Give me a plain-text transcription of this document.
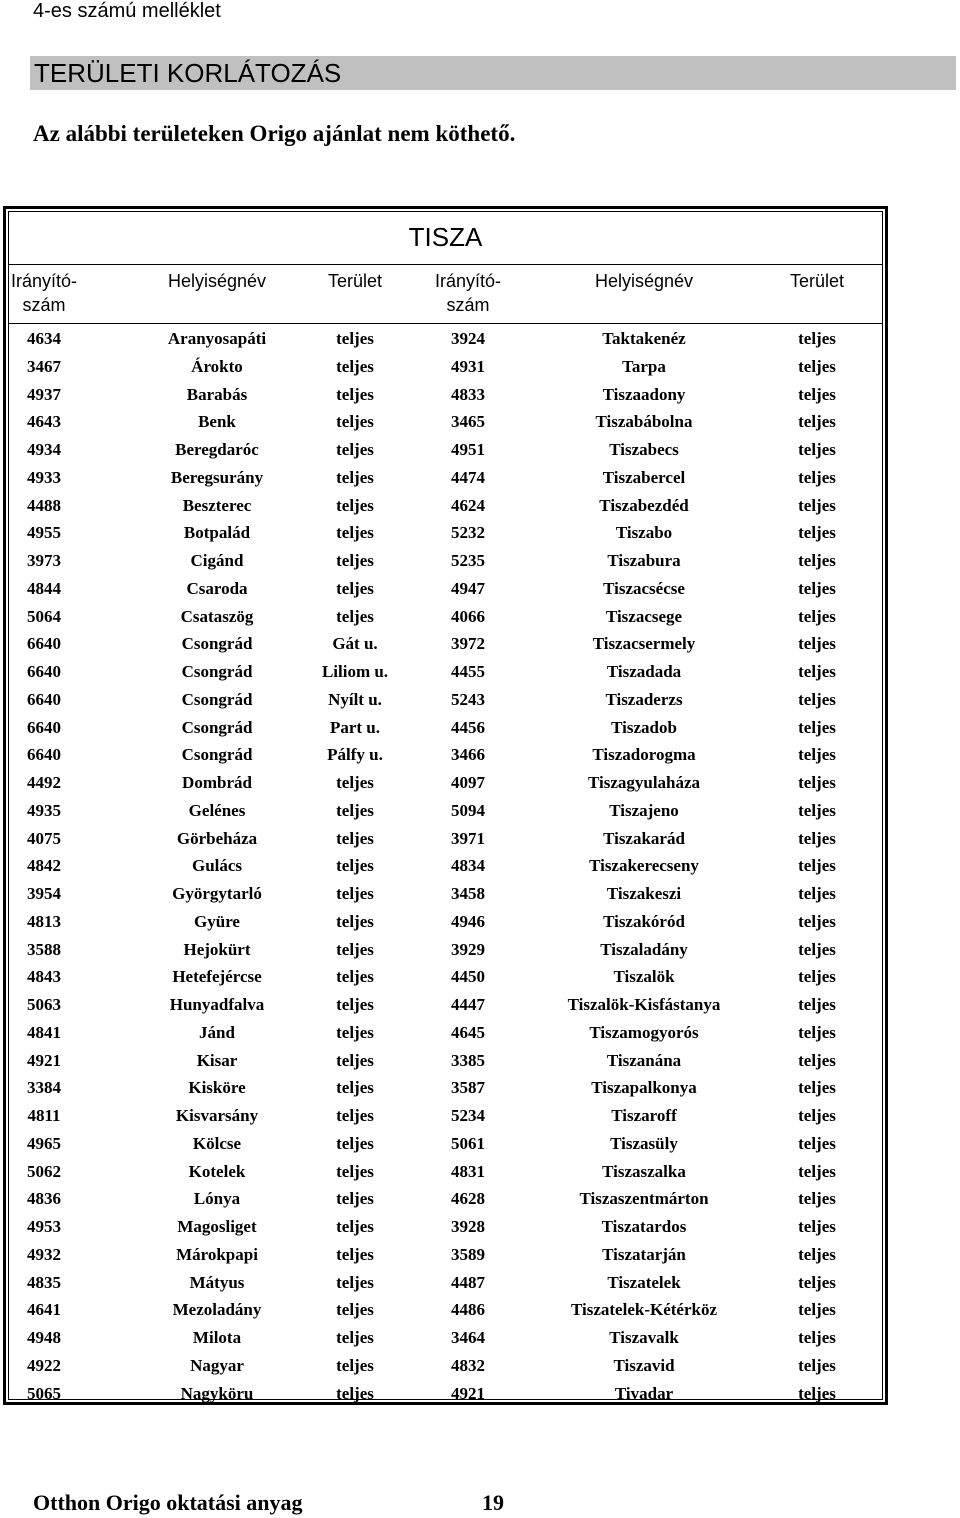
4-es számú melléklet
TERÜLETI KORLÁTOZÁS
Az alábbi területeken Origo ajánlat nem köthető.
TISZA
Irányító-
szám
Helyiségnév	Terület	Irányító-
szám
Helyiségnév	Terület
4634	Aranyosapáti	teljes	3924	Taktakenéz	teljes
3467	Árokto	teljes	4931	Tarpa	teljes
4937	Barabás	teljes	4833	Tiszaadony	teljes
4643	Benk	teljes	3465	Tiszabábolna	teljes
4934	Beregdaróc	teljes	4951	Tiszabecs	teljes
4933	Beregsurány	teljes	4474	Tiszabercel	teljes
4488	Beszterec	teljes	4624	Tiszabezdéd	teljes
4955	Botpalád	teljes	5232	Tiszabo	teljes
3973	Cigánd	teljes	5235	Tiszabura	teljes
4844	Csaroda	teljes	4947	Tiszacsécse	teljes
5064	Csataszög	teljes	4066	Tiszacsege	teljes
6640	Csongrád	Gát u.	3972	Tiszacsermely	teljes
6640	Csongrád	Liliom u.	4455	Tiszadada	teljes
6640	Csongrád	Nyílt u.	5243	Tiszaderzs	teljes
6640	Csongrád	Part u.	4456	Tiszadob	teljes
6640	Csongrád	Pálfy u.	3466	Tiszadorogma	teljes
4492	Dombrád	teljes	4097	Tiszagyulaháza	teljes
4935	Gelénes	teljes	5094	Tiszajeno	teljes
4075	Görbeháza	teljes	3971	Tiszakarád	teljes
4842	Gulács	teljes	4834	Tiszakerecseny	teljes
3954	Györgytarló	teljes	3458	Tiszakeszi	teljes
4813	Gyüre	teljes	4946	Tiszakóród	teljes
3588	Hejokürt	teljes	3929	Tiszaladány	teljes
4843	Hetefejércse	teljes	4450	Tiszalök	teljes
5063	Hunyadfalva	teljes	4447	Tiszalök-Kisfástanya	teljes
4841	Jánd	teljes	4645	Tiszamogyorós	teljes
4921	Kisar	teljes	3385	Tiszanána	teljes
3384	Kisköre	teljes	3587	Tiszapalkonya	teljes
4811	Kisvarsány	teljes	5234	Tiszaroff	teljes
4965	Kölcse	teljes	5061	Tiszasüly	teljes
5062	Kotelek	teljes	4831	Tiszaszalka	teljes
4836	Lónya	teljes	4628	Tiszaszentmárton	teljes
4953	Magosliget	teljes	3928	Tiszatardos	teljes
4932	Márokpapi	teljes	3589	Tiszatarján	teljes
4835	Mátyus	teljes	4487	Tiszatelek	teljes
4641	Mezoladány	teljes	4486	Tiszatelek-Kétérköz	teljes
4948	Milota	teljes	3464	Tiszavalk	teljes
4922	Nagyar	teljes	4832	Tiszavid	teljes
5065	Nagyköru	teljes	4921	Tivadar	teljes
Otthon Origo oktatási anyag	19
